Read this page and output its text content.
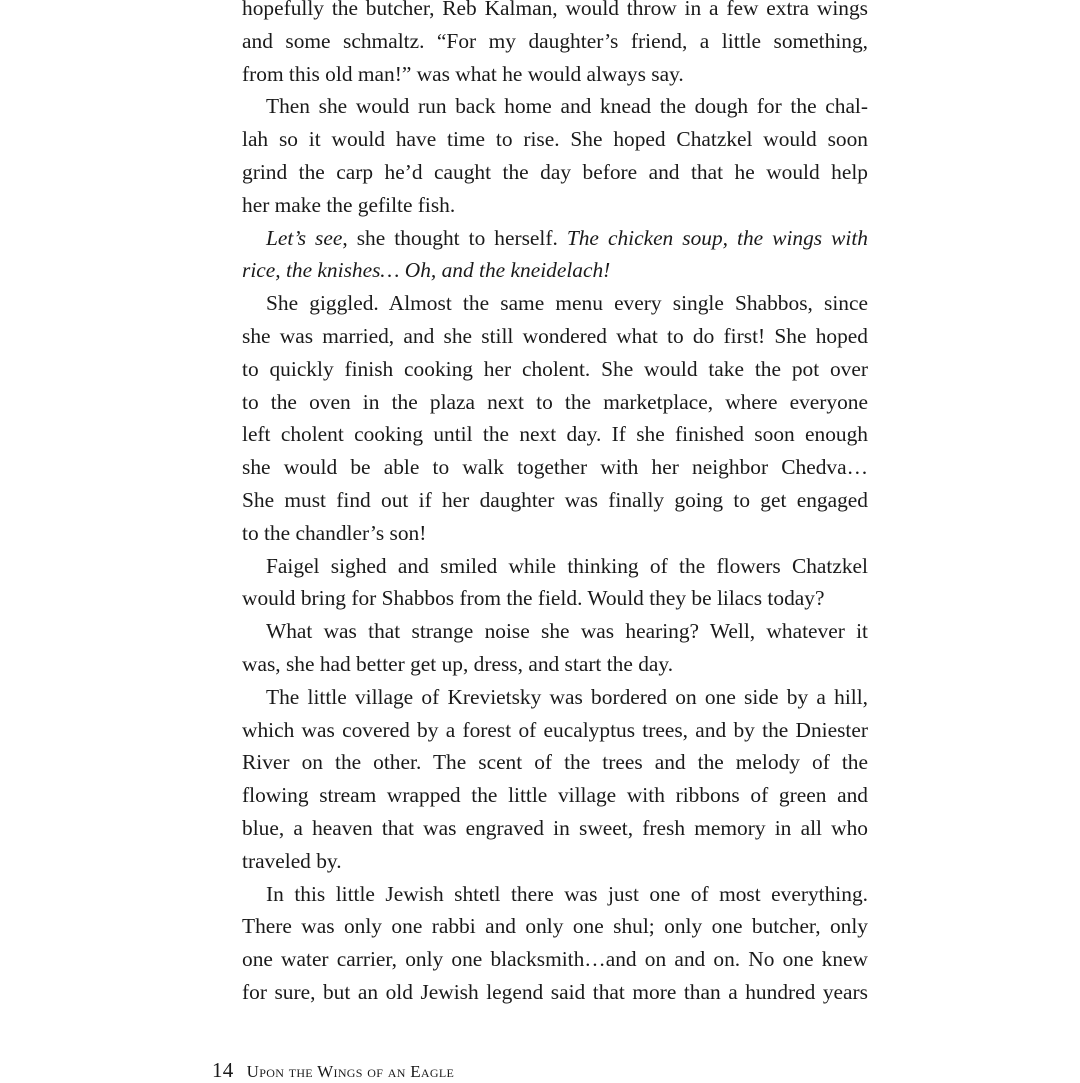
hopefully the butcher, Reb Kalman, would throw in a few extra wings
and some schmaltz. “For my daughter’s friend, a little something,
from this old man!” was what he would always say.
Then she would run back home and knead the dough for the chal-
lah so it would have time to rise. She hoped Chatzkel would soon
grind the carp he’d caught the day before and that he would help
her make the gefilte fish.
Let’s see, she thought to herself. The chicken soup, the wings with
rice, the knishes… Oh, and the kneidelach!
She giggled. Almost the same menu every single Shabbos, since
she was married, and she still wondered what to do first! She hoped
to quickly finish cooking her cholent. She would take the pot over
to the oven in the plaza next to the marketplace, where everyone
left cholent cooking until the next day. If she finished soon enough
she would be able to walk together with her neighbor Chedva…
She must find out if her daughter was finally going to get engaged
to the chandler’s son!
Faigel sighed and smiled while thinking of the flowers Chatzkel
would bring for Shabbos from the field. Would they be lilacs today?
What was that strange noise she was hearing? Well, whatever it
was, she had better get up, dress, and start the day.
The little village of Krevietsky was bordered on one side by a hill,
which was covered by a forest of eucalyptus trees, and by the Dniester
River on the other. The scent of the trees and the melody of the
flowing stream wrapped the little village with ribbons of green and
blue, a heaven that was engraved in sweet, fresh memory in all who
traveled by.
In this little Jewish shtetl there was just one of most everything.
There was only one rabbi and only one shul; only one butcher, only
one water carrier, only one blacksmith…and on and on. No one knew
for sure, but an old Jewish legend said that more than a hundred years
14 Upon the Wings of an Eagle
